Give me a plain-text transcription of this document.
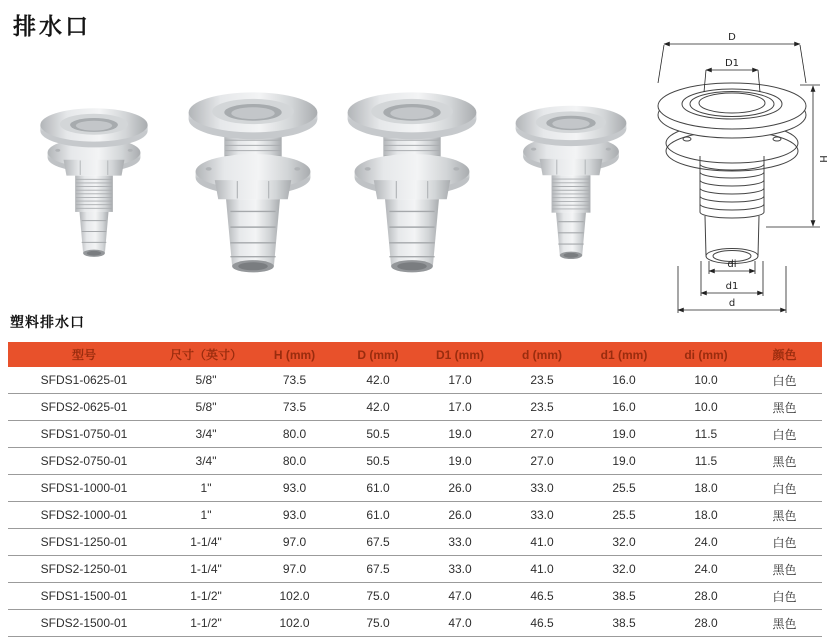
排水口	D
D1
H
di
d1
d
塑料排水口
型号	尺寸（英寸）	H (mm)	D (mm)	D1 (mm)	d (mm)	d1 (mm)	di (mm)	颜色
SFDS1-0625-01	5/8"	73.5	42.0	17.0	23.5	16.0	10.0	白色
SFDS2-0625-01	5/8"	73.5	42.0	17.0	23.5	16.0	10.0	黑色
SFDS1-0750-01	3/4"	80.0	50.5	19.0	27.0	19.0	11.5	白色
SFDS2-0750-01	3/4"	80.0	50.5	19.0	27.0	19.0	11.5	黑色
SFDS1-1000-01	1"	93.0	61.0	26.0	33.0	25.5	18.0	白色
SFDS2-1000-01	1"	93.0	61.0	26.0	33.0	25.5	18.0	黑色
SFDS1-1250-01	1-1/4"	97.0	67.5	33.0	41.0	32.0	24.0	白色
SFDS2-1250-01	1-1/4"	97.0	67.5	33.0	41.0	32.0	24.0	黑色
SFDS1-1500-01	1-1/2"	102.0	75.0	47.0	46.5	38.5	28.0	白色
SFDS2-1500-01	1-1/2"	102.0	75.0	47.0	46.5	38.5	28.0	黑色
